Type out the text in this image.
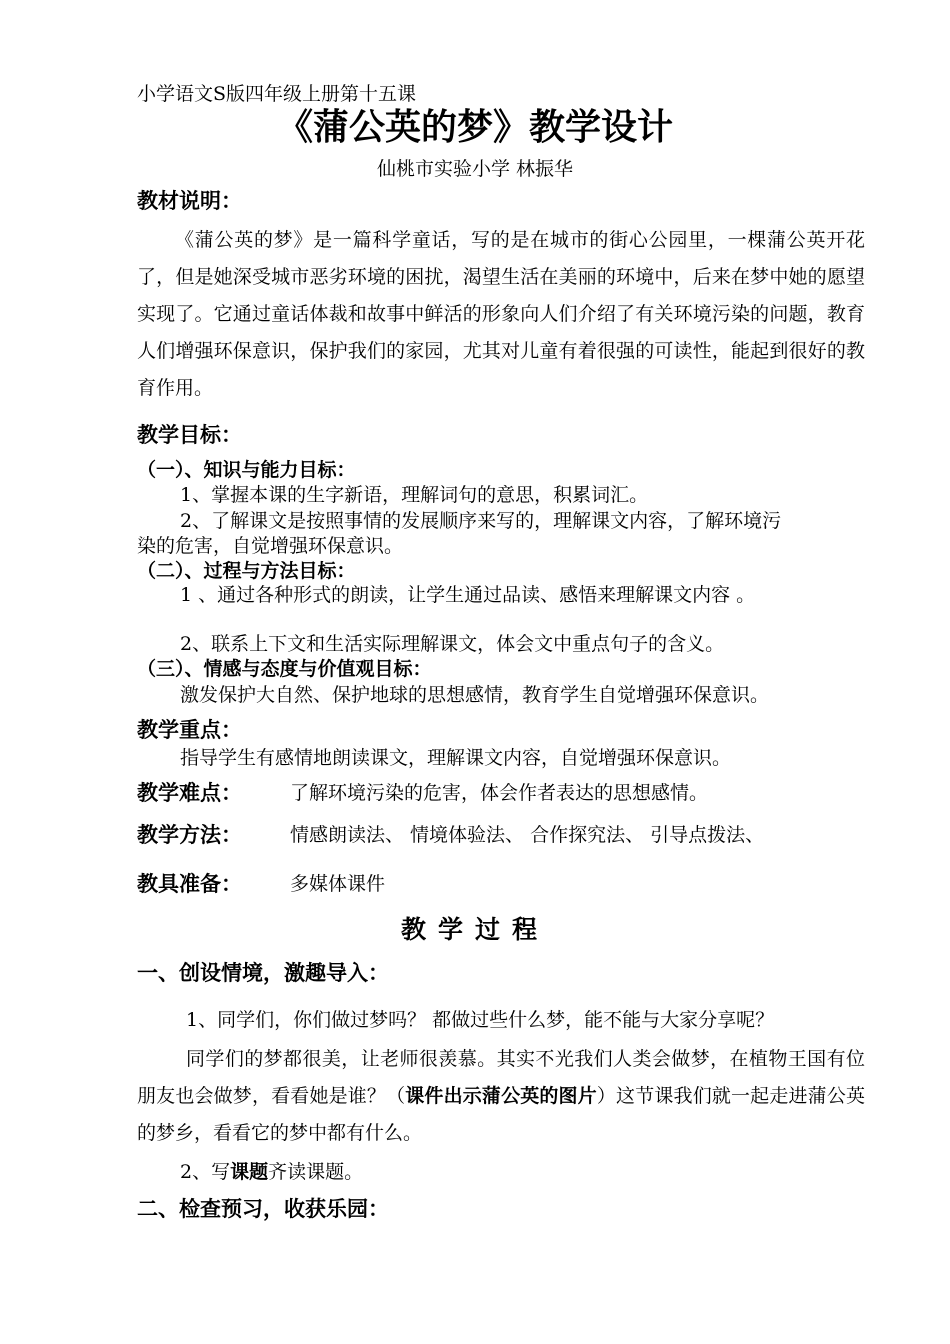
小学语文S版四年级上册第十五课
《蒲公英的梦》教学设计
仙桃市实验小学 林振华
教材说明：
《蒲公英的梦》是一篇科学童话，写的是在城市的街心公园里，一棵蒲公英开花了，但是她深受城市恶劣环境的困扰，渴望生活在美丽的环境中，后来在梦中她的愿望实现了。它通过童话体裁和故事中鲜活的形象向人们介绍了有关环境污染的问题，教育人们增强环保意识，保护我们的家园，尤其对儿童有着很强的可读性，能起到很好的教育作用。
教学目标：
（一）、知识与能力目标：
1、掌握本课的生字新语，理解词句的意思，积累词汇。
2、了解课文是按照事情的发展顺序来写的，理解课文内容，了解环境污
染的危害，自觉增强环保意识。
（二）、过程与方法目标：
1 、通过各种形式的朗读，让学生通过品读、感悟来理解课文内容 。
2、联系上下文和生活实际理解课文，体会文中重点句子的含义。
（三）、情感与态度与价值观目标：
激发保护大自然、保护地球的思想感情，教育学生自觉增强环保意识。
教学重点：
指导学生有感情地朗读课文，理解课文内容，自觉增强环保意识。
教学难点：	了解环境污染的危害，体会作者表达的思想感情。
教学方法：	情感朗读法、 情境体验法、 合作探究法、 引导点拨法、
教具准备：	多媒体课件
教学过程
一、创设情境，激趣导入：
1、同学们，你们做过梦吗？ 都做过些什么梦，能不能与大家分享呢？
同学们的梦都很美，让老师很羡慕。其实不光我们人类会做梦，在植物王国有位朋友也会做梦，看看她是谁？（课件出示蒲公英的图片）这节课我们就一起走进蒲公英的梦乡，看看它的梦中都有什么。
2、写课题齐读课题。
二、检查预习，收获乐园：
